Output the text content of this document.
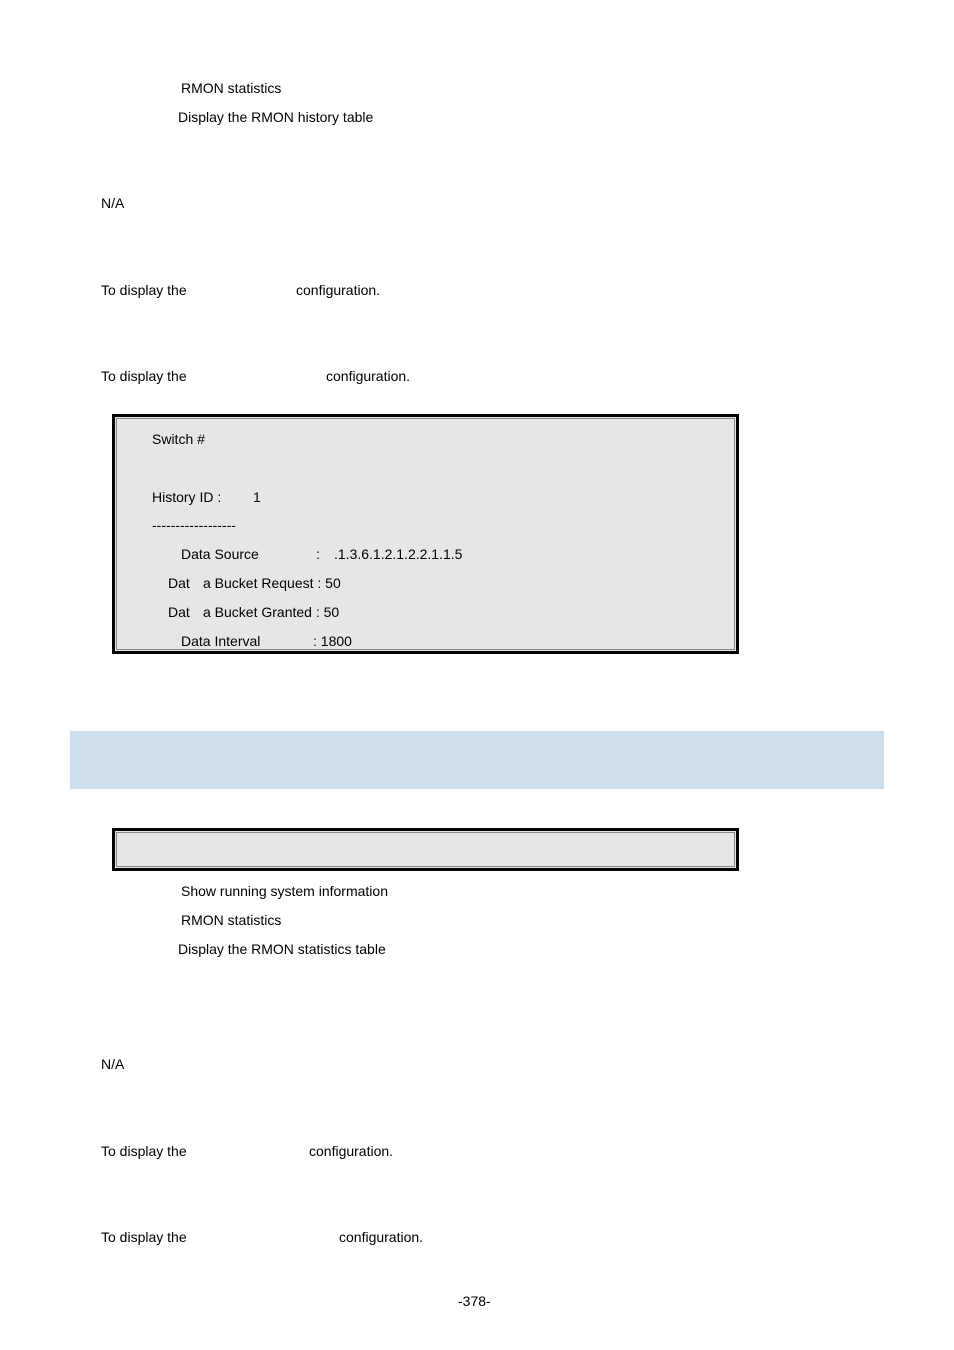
RMON statistics
Display the RMON history table
N/A
To display the	configuration.
To display the	configuration.
Switch #
History ID : 1
------------------
Data Source	: .1.3.6.1.2.1.2.2.1.1.5
Dat a Bucket Request : 50
Dat a Bucket Granted : 50
Data Interval	: 1800
Show running system information
RMON statistics
Display the RMON statistics table
N/A
To display the	configuration.
To display the	configuration.
-378-
